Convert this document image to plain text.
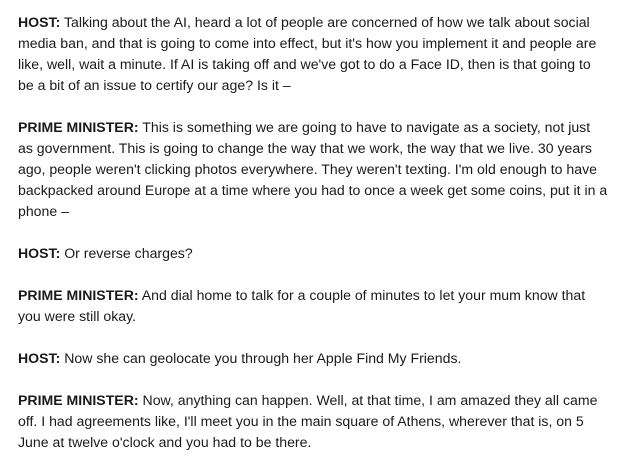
HOST: Talking about the AI, heard a lot of people are concerned of how we talk about social media ban, and that is going to come into effect, but it's how you implement it and people are like, well, wait a minute. If AI is taking off and we've got to do a Face ID, then is that going to be a bit of an issue to certify our age? Is it –

PRIME MINISTER: This is something we are going to have to navigate as a society, not just as government. This is going to change the way that we work, the way that we live. 30 years ago, people weren't clicking photos everywhere. They weren't texting. I'm old enough to have backpacked around Europe at a time where you had to once a week get some coins, put it in a phone –

HOST: Or reverse charges?

PRIME MINISTER: And dial home to talk for a couple of minutes to let your mum know that you were still okay.

HOST: Now she can geolocate you through her Apple Find My Friends.

PRIME MINISTER: Now, anything can happen. Well, at that time, I am amazed they all came off. I had agreements like, I'll meet you in the main square of Athens, wherever that is, on 5 June at twelve o'clock and you had to be there.
